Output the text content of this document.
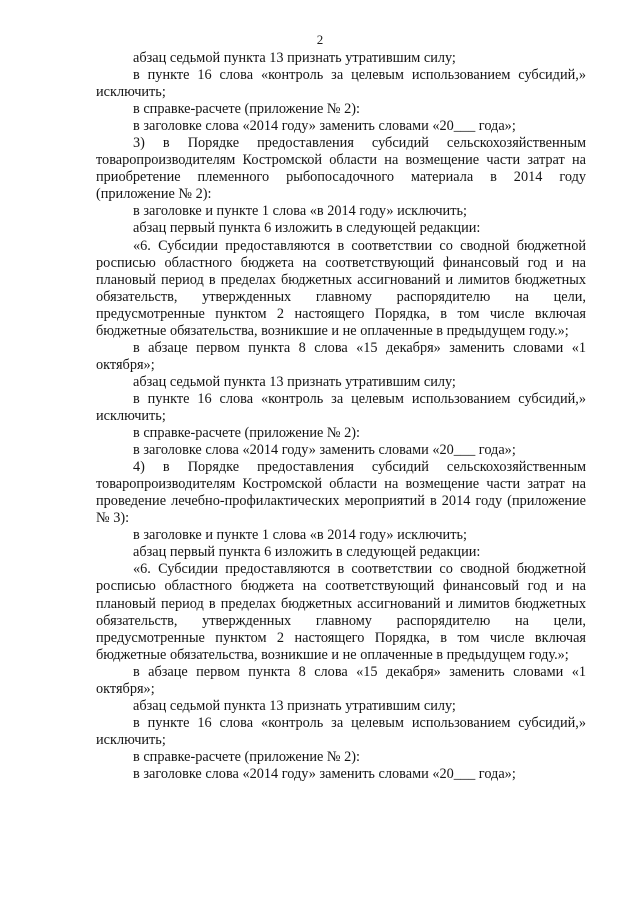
2

абзац седьмой пункта 13 признать утратившим силу;

в пункте 16 слова «контроль за целевым использованием субсидий,» исключить;

в справке-расчете (приложение № 2):

в заголовке слова «2014 году» заменить словами «20___ года»;

3) в Порядке предоставления субсидий сельскохозяйственным товаропроизводителям Костромской области на возмещение части затрат на приобретение племенного рыбопосадочного материала в 2014 году (приложение № 2):

в заголовке и пункте 1 слова «в 2014 году» исключить;

абзац первый пункта 6 изложить в следующей редакции:

«6. Субсидии предоставляются в соответствии со сводной бюджетной росписью областного бюджета на соответствующий финансовый год и на плановый период в пределах бюджетных ассигнований и лимитов бюджетных обязательств, утвержденных главному распорядителю на цели, предусмотренные пунктом 2 настоящего Порядка, в том числе включая бюджетные обязательства, возникшие и не оплаченные в предыдущем году.»;

в абзаце первом пункта 8 слова «15 декабря» заменить словами «1 октября»;

абзац седьмой пункта 13 признать утратившим силу;

в пункте 16 слова «контроль за целевым использованием субсидий,» исключить;

в справке-расчете (приложение № 2):

в заголовке слова «2014 году» заменить словами «20___ года»;

4) в Порядке предоставления субсидий сельскохозяйственным товаропроизводителям Костромской области на возмещение части затрат на проведение лечебно-профилактических мероприятий в 2014 году (приложение № 3):

в заголовке и пункте 1 слова «в 2014 году» исключить;

абзац первый пункта 6 изложить в следующей редакции:

«6. Субсидии предоставляются в соответствии со сводной бюджетной росписью областного бюджета на соответствующий финансовый год и на плановый период в пределах бюджетных ассигнований и лимитов бюджетных обязательств, утвержденных главному распорядителю на цели, предусмотренные пунктом 2 настоящего Порядка, в том числе включая бюджетные обязательства, возникшие и не оплаченные в предыдущем году.»;

в абзаце первом пункта 8 слова «15 декабря» заменить словами «1 октября»;

абзац седьмой пункта 13 признать утратившим силу;

в пункте 16 слова «контроль за целевым использованием субсидий,» исключить;

в справке-расчете (приложение № 2):

в заголовке слова «2014 году» заменить словами «20___ года»;
